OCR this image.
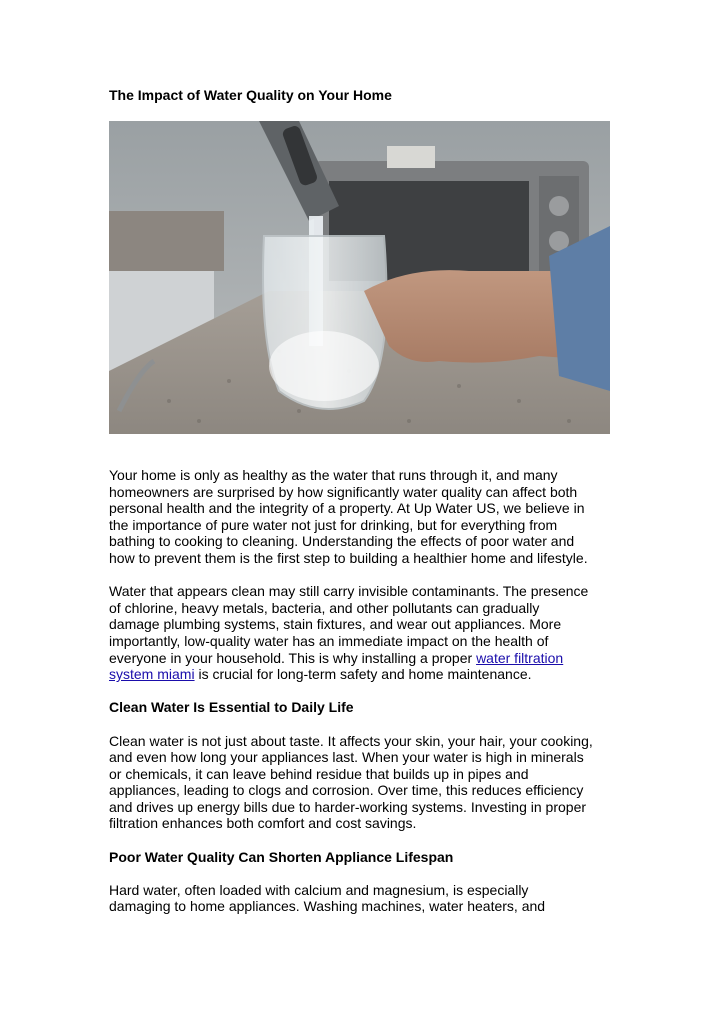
The Impact of Water Quality on Your Home

Your home is only as healthy as the water that runs through it, and many
homeowners are surprised by how significantly water quality can affect both
personal health and the integrity of a property. At Up Water US, we believe in
the importance of pure water not just for drinking, but for everything from
bathing to cooking to cleaning. Understanding the effects of poor water and
how to prevent them is the first step to building a healthier home and lifestyle.

Water that appears clean may still carry invisible contaminants. The presence
of chlorine, heavy metals, bacteria, and other pollutants can gradually
damage plumbing systems, stain fixtures, and wear out appliances. More
importantly, low-quality water has an immediate impact on the health of
everyone in your household. This is why installing a proper water filtration
system miami is crucial for long-term safety and home maintenance.

Clean Water Is Essential to Daily Life

Clean water is not just about taste. It affects your skin, your hair, your cooking,
and even how long your appliances last. When your water is high in minerals
or chemicals, it can leave behind residue that builds up in pipes and
appliances, leading to clogs and corrosion. Over time, this reduces efficiency
and drives up energy bills due to harder-working systems. Investing in proper
filtration enhances both comfort and cost savings.

Poor Water Quality Can Shorten Appliance Lifespan

Hard water, often loaded with calcium and magnesium, is especially
damaging to home appliances. Washing machines, water heaters, and
